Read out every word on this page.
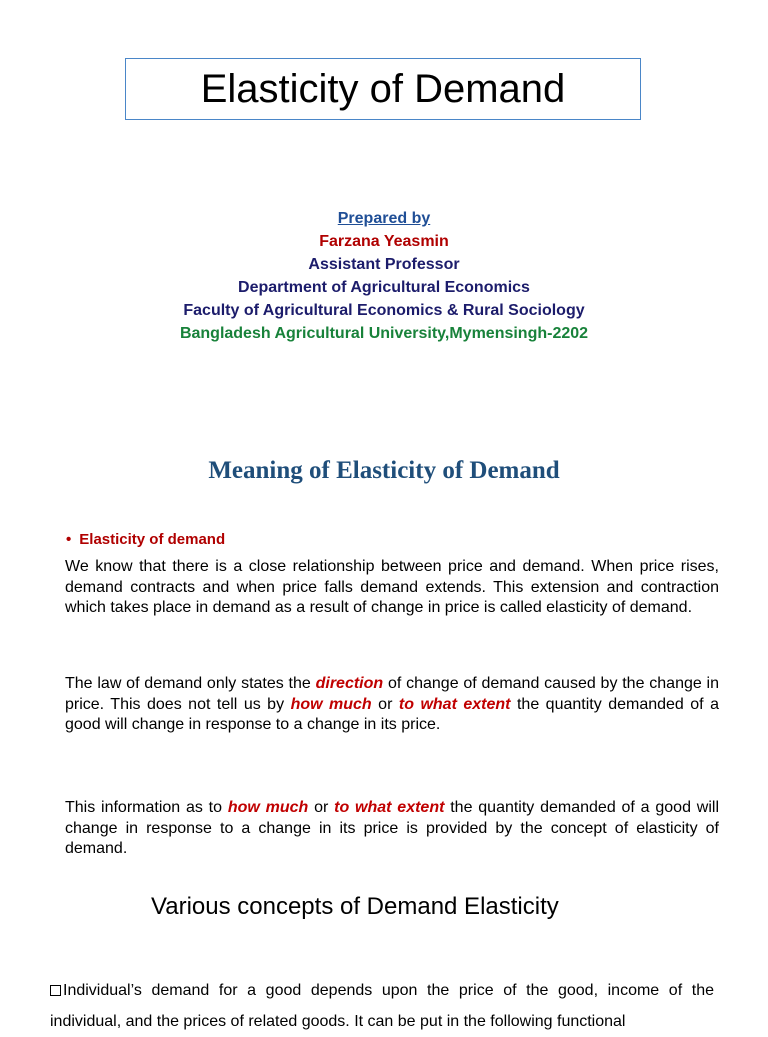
Elasticity of Demand
Prepared by
Farzana Yeasmin
Assistant Professor
Department of Agricultural Economics
Faculty of Agricultural Economics & Rural Sociology
Bangladesh Agricultural University,Mymensingh-2202
Meaning of Elasticity of Demand
• Elasticity of demand
We know that there is a close relationship between price and demand. When price rises, demand contracts and when price falls demand extends. This extension and contraction which takes place in demand as a result of change in price is called elasticity of demand.
The law of demand only states the direction of change of demand caused by the change in price. This does not tell us by how much or to what extent the quantity demanded of a good will change in response to a change in its price.
This information as to how much or to what extent the quantity demanded of a good will change in response to a change in its price is provided by the concept of elasticity of demand.
Various concepts of Demand Elasticity
Individual’s demand for a good depends upon the price of the good, income of the individual, and the prices of related goods. It can be put in the following functional
